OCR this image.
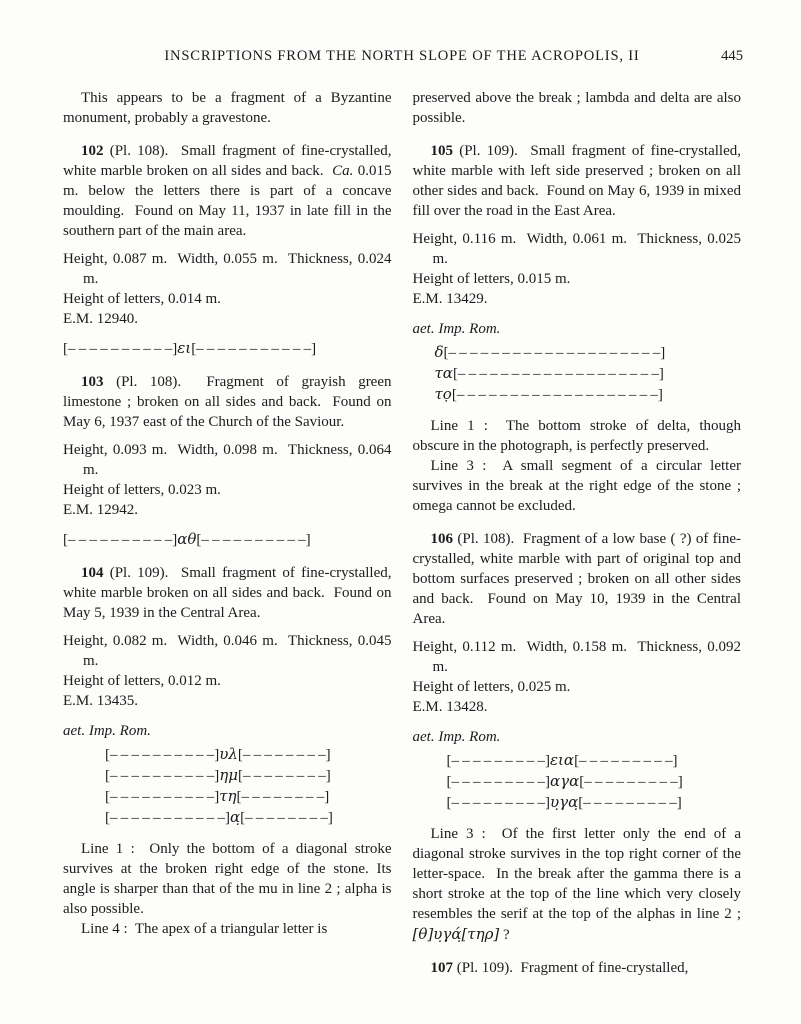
INSCRIPTIONS FROM THE NORTH SLOPE OF THE ACROPOLIS, II	445

This appears to be a fragment of a Byzantine monument, probably a gravestone.

102 (Pl. 108).  Small fragment of fine-crystalled, white marble broken on all sides and back.  Ca. 0.015 m. below the letters there is part of a concave moulding.  Found on May 11, 1937 in late fill in the southern part of the main area.

Height, 0.087 m.  Width, 0.055 m.  Thickness, 0.024 m.

Height of letters, 0.014 m.

E.M. 12940.

[– – – – – – – – – –]ει[– – – – – – – – – – –]

103 (Pl. 108).  Fragment of grayish green limestone ; broken on all sides and back.  Found on May 6, 1937 east of the Church of the Saviour.

Height, 0.093 m.  Width, 0.098 m.  Thickness, 0.064 m.

Height of letters, 0.023 m.

E.M. 12942.

[– – – – – – – – – –]αθ[– – – – – – – – – –]

104 (Pl. 109).  Small fragment of fine-crystalled, white marble broken on all sides and back.  Found on May 5, 1939 in the Central Area.

Height, 0.082 m.  Width, 0.046 m.  Thickness, 0.045 m.

Height of letters, 0.012 m.

E.M. 13435.

aet. Imp. Rom.

[– – – – – – – – – –]υλ[– – – – – – – –]
[– – – – – – – – – –]ημ[– – – – – – – –]
[– – – – – – – – – –]τη[– – – – – – – –]
[– – – – – – – – – – –]α̣[– – – – – – – –]

Line 1 :  Only the bottom of a diagonal stroke survives at the broken right edge of the stone. Its angle is sharper than that of the mu in line 2 ; alpha is also possible.

Line 4 :  The apex of a triangular letter is

preserved above the break ; lambda and delta are also possible.

105 (Pl. 109).  Small fragment of fine-crystalled, white marble with left side preserved ; broken on all other sides and back.  Found on May 6, 1939 in mixed fill over the road in the East Area.

Height, 0.116 m.  Width, 0.061 m.  Thickness, 0.025 m.

Height of letters, 0.015 m.

E.M. 13429.

aet. Imp. Rom.

δ[– – – – – – – – – – – – – – – – – – – –]
τα[– – – – – – – – – – – – – – – – – – –]
τọ[– – – – – – – – – – – – – – – – – – –]

Line 1 :  The bottom stroke of delta, though obscure in the photograph, is perfectly preserved.

Line 3 :  A small segment of a circular letter survives in the break at the right edge of the stone ; omega cannot be excluded.

106 (Pl. 108).  Fragment of a low base ( ?) of fine-crystalled, white marble with part of original top and bottom surfaces preserved ; broken on all other sides and back.  Found on May 10, 1939 in the Central Area.

Height, 0.112 m.  Width, 0.158 m.  Thickness, 0.092 m.

Height of letters, 0.025 m.

E.M. 13428.

aet. Imp. Rom.

[– – – – – – – – –]εια[– – – – – – – – –]
[– – – – – – – – –]αγα[– – – – – – – – –]
[– – – – – – – – –]υ̣γα̣[– – – – – – – – –]

Line 3 :  Of the first letter only the end of a diagonal stroke survives in the top right corner of the letter-space.  In the break after the gamma there is a short stroke at the top of the line which very closely resembles the serif at the top of the alphas in line 2 ; [θ]υ̣γά̣[τηρ] ?

107 (Pl. 109).  Fragment of fine-crystalled,
